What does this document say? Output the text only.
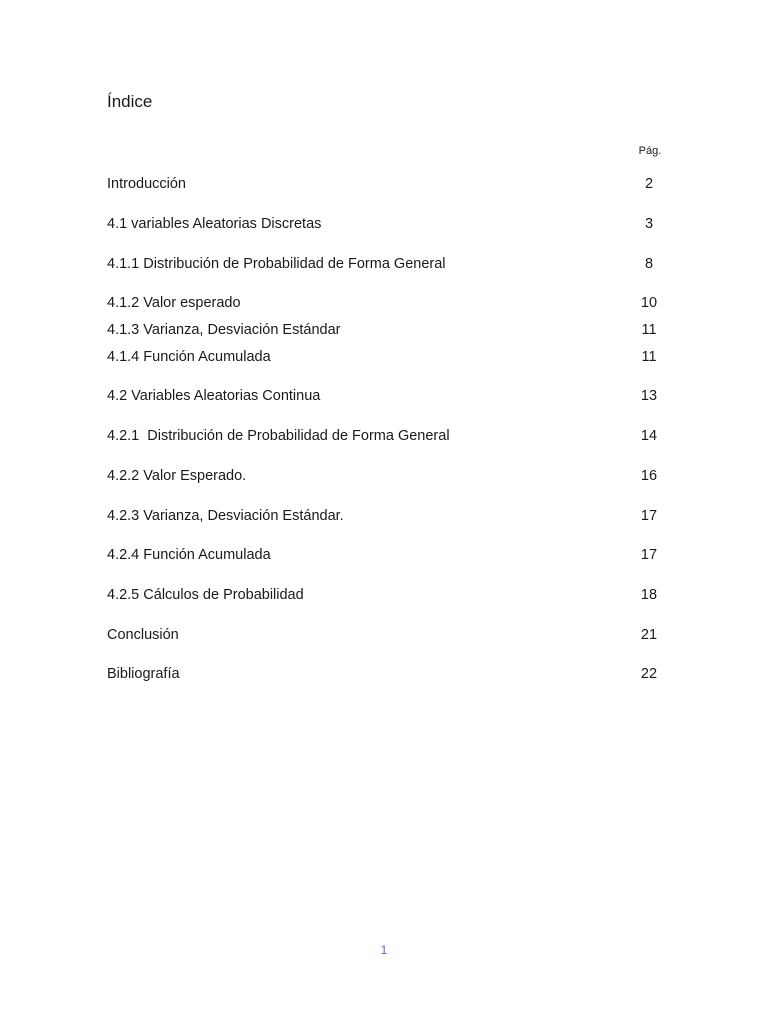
Índice
Pág.
Introducción	2
4.1 variables Aleatorias Discretas	3
4.1.1 Distribución de Probabilidad de Forma General	8
4.1.2 Valor esperado	10
4.1.3 Varianza, Desviación Estándar	11
4.1.4 Función Acumulada	11
4.2 Variables Aleatorias Continua	13
4.2.1  Distribución de Probabilidad de Forma General	14
4.2.2 Valor Esperado.	16
4.2.3 Varianza, Desviación Estándar.	17
4.2.4 Función Acumulada	17
4.2.5 Cálculos de Probabilidad	18
Conclusión	21
Bibliografía	22
1
